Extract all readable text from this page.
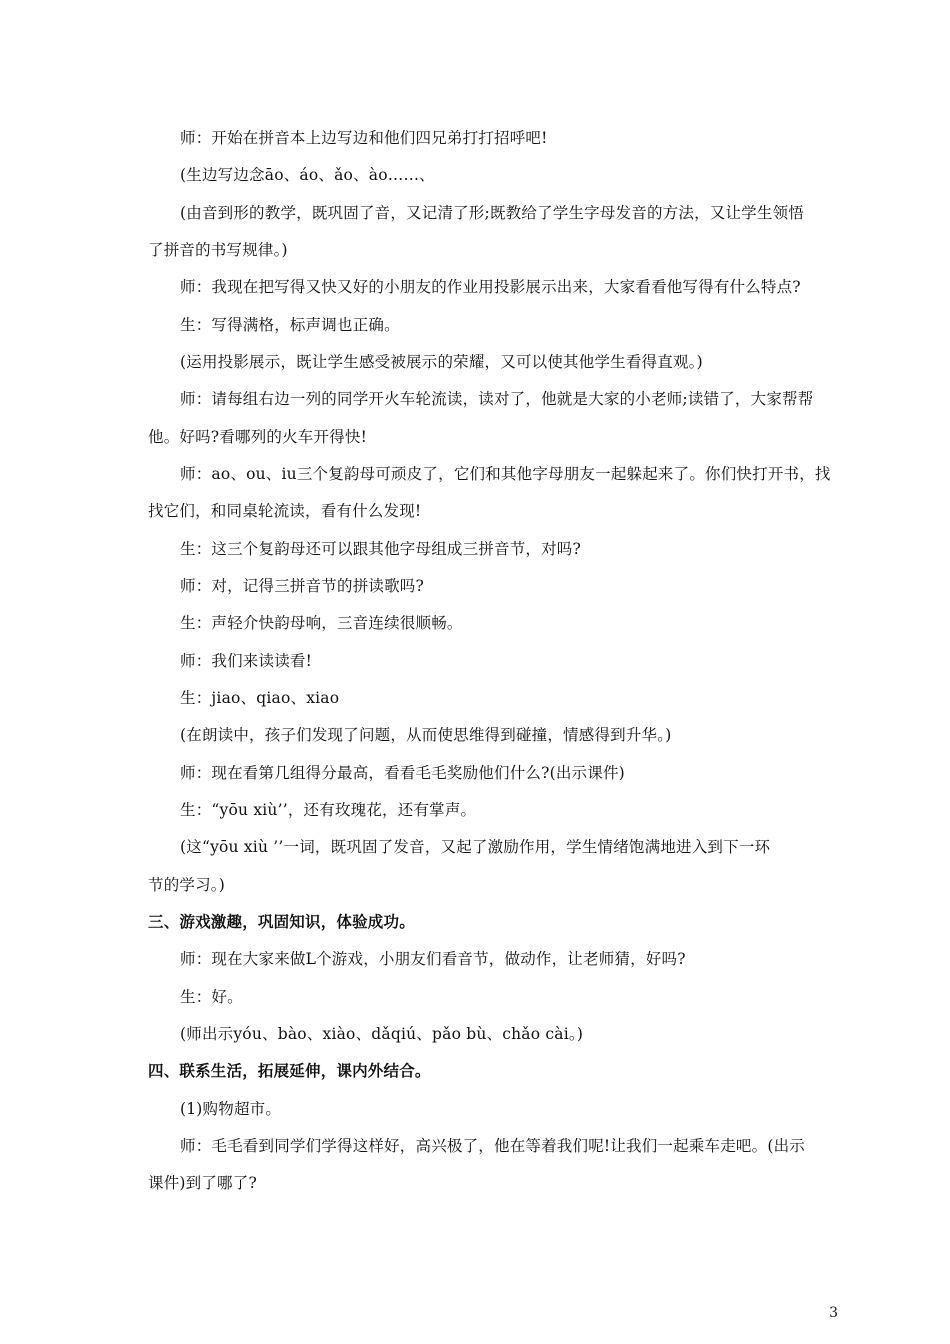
师：开始在拼音本上边写边和他们四兄弟打打招呼吧!
(生边写边念āo、áo、ǎo、ào……、
(由音到形的教学，既巩固了音，又记清了形;既教给了学生字母发音的方法，又让学生领悟
了拼音的书写规律。)
师：我现在把写得又快又好的小朋友的作业用投影展示出来，大家看看他写得有什么特点?
生：写得满格，标声调也正确。
(运用投影展示，既让学生感受被展示的荣耀，又可以使其他学生看得直观。)
师：请每组右边一列的同学开火车轮流读，读对了，他就是大家的小老师;读错了，大家帮帮
他。好吗?看哪列的火车开得快!
师：ao、ou、iu三个复韵母可顽皮了，它们和其他字母朋友一起躲起来了。你们快打开书，找
找它们，和同桌轮流读，看有什么发现!
生：这三个复韵母还可以跟其他字母组成三拼音节，对吗?
师：对，记得三拼音节的拼读歌吗?
生：声轻介快韵母响，三音连续很顺畅。
师：我们来读读看!
生：jiao、qiao、xiao
(在朗读中，孩子们发现了问题，从而使思维得到碰撞，情感得到升华。)
师：现在看第几组得分最高，看看毛毛奖励他们什么?(出示课件)
生：“yōu xiù’’，还有玫瑰花，还有掌声。
(这“yōu xiù ’’一词，既巩固了发音，又起了激励作用，学生情绪饱满地进入到下一环
节的学习。)
三、游戏激趣，巩固知识，体验成功。
师：现在大家来做L个游戏，小朋友们看音节，做动作，让老师猜，好吗?
生：好。
(师出示yóu、bào、xiào、dǎqiú、pǎo bù、chǎo cài。)
四、联系生活，拓展延伸，课内外结合。
(1)购物超市。
师：毛毛看到同学们学得这样好，高兴极了，他在等着我们呢!让我们一起乘车走吧。(出示
课件)到了哪了?
3
